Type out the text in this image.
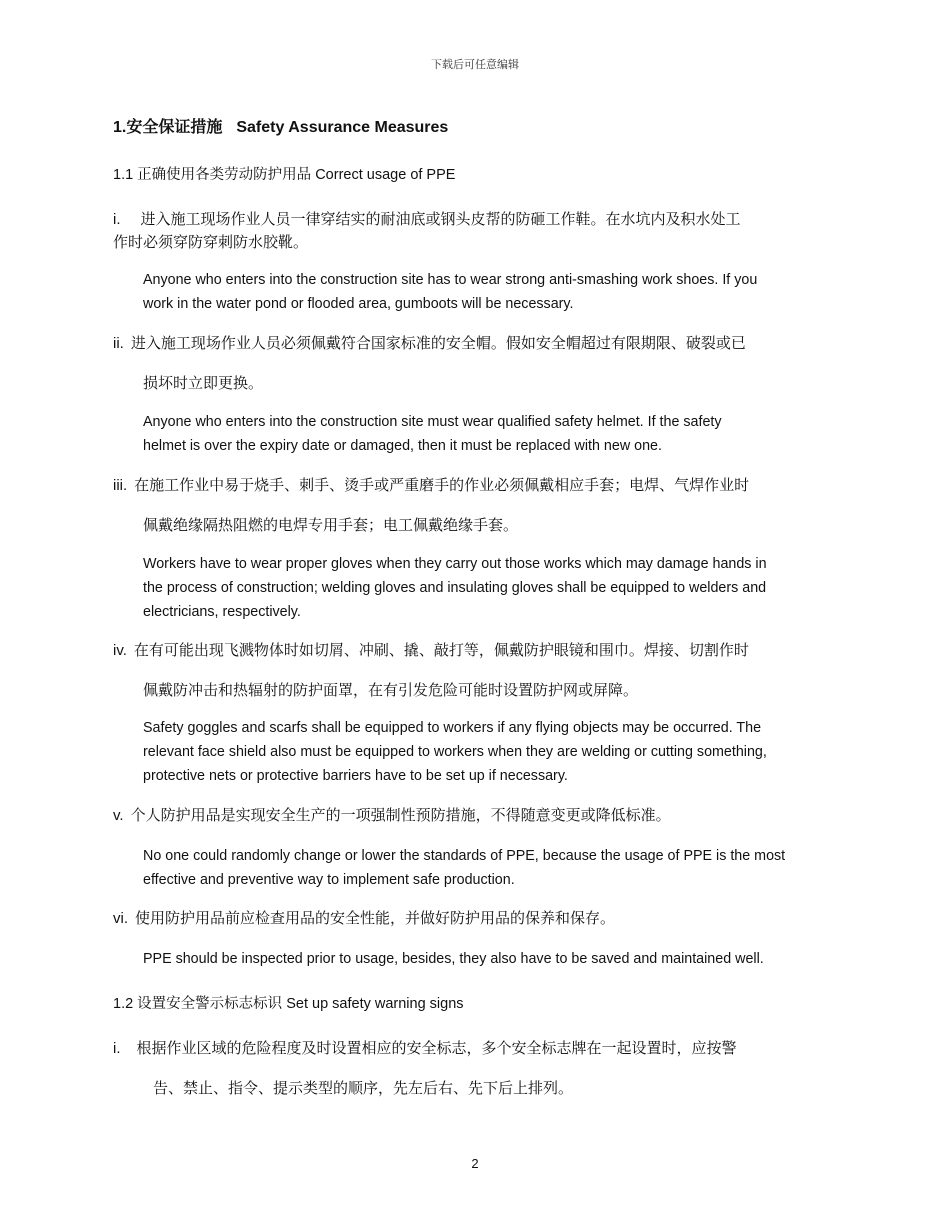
下载后可任意编辑
1.安全保证措施 Safety Assurance Measures
1.1 正确使用各类劳动防护用品 Correct usage of PPE
i. 进入施工现场作业人员一律穿结实的耐油底或钢头皮帮的防砸工作鞋。在水坑内及积水处工
作时必须穿防穿刺防水胶靴。
Anyone who enters into the construction site has to wear strong anti-smashing work shoes. If you
work in the water pond or flooded area, gumboots will be necessary.
ii. 进入施工现场作业人员必须佩戴符合国家标准的安全帽。假如安全帽超过有限期限、破裂或已
损坏时立即更换。
Anyone who enters into the construction site must wear qualified safety helmet. If the safety
helmet is over the expiry date or damaged, then it must be replaced with new one.
iii. 在施工作业中易于烧手、刺手、烫手或严重磨手的作业必须佩戴相应手套；电焊、气焊作业时
佩戴绝缘隔热阻燃的电焊专用手套；电工佩戴绝缘手套。
Workers have to wear proper gloves when they carry out those works which may damage hands in
the process of construction; welding gloves and insulating gloves shall be equipped to welders and
electricians, respectively.
iv. 在有可能出现飞溅物体时如切屑、冲刷、撬、敲打等，佩戴防护眼镜和围巾。焊接、切割作时
佩戴防冲击和热辐射的防护面罩，在有引发危险可能时设置防护网或屏障。
Safety goggles and scarfs shall be equipped to workers if any flying objects may be occurred. The
relevant face shield also must be equipped to workers when they are welding or cutting something,
protective nets or protective barriers have to be set up if necessary.
v. 个人防护用品是实现安全生产的一项强制性预防措施，不得随意变更或降低标准。
No one could randomly change or lower the standards of PPE, because the usage of PPE is the most
effective and preventive way to implement safe production.
vi. 使用防护用品前应检查用品的安全性能，并做好防护用品的保养和保存。
PPE should be inspected prior to usage, besides, they also have to be saved and maintained well.
1.2 设置安全警示标志标识 Set up safety warning signs
i. 根据作业区域的危险程度及时设置相应的安全标志，多个安全标志牌在一起设置时，应按警
告、禁止、指令、提示类型的顺序，先左后右、先下后上排列。
2
